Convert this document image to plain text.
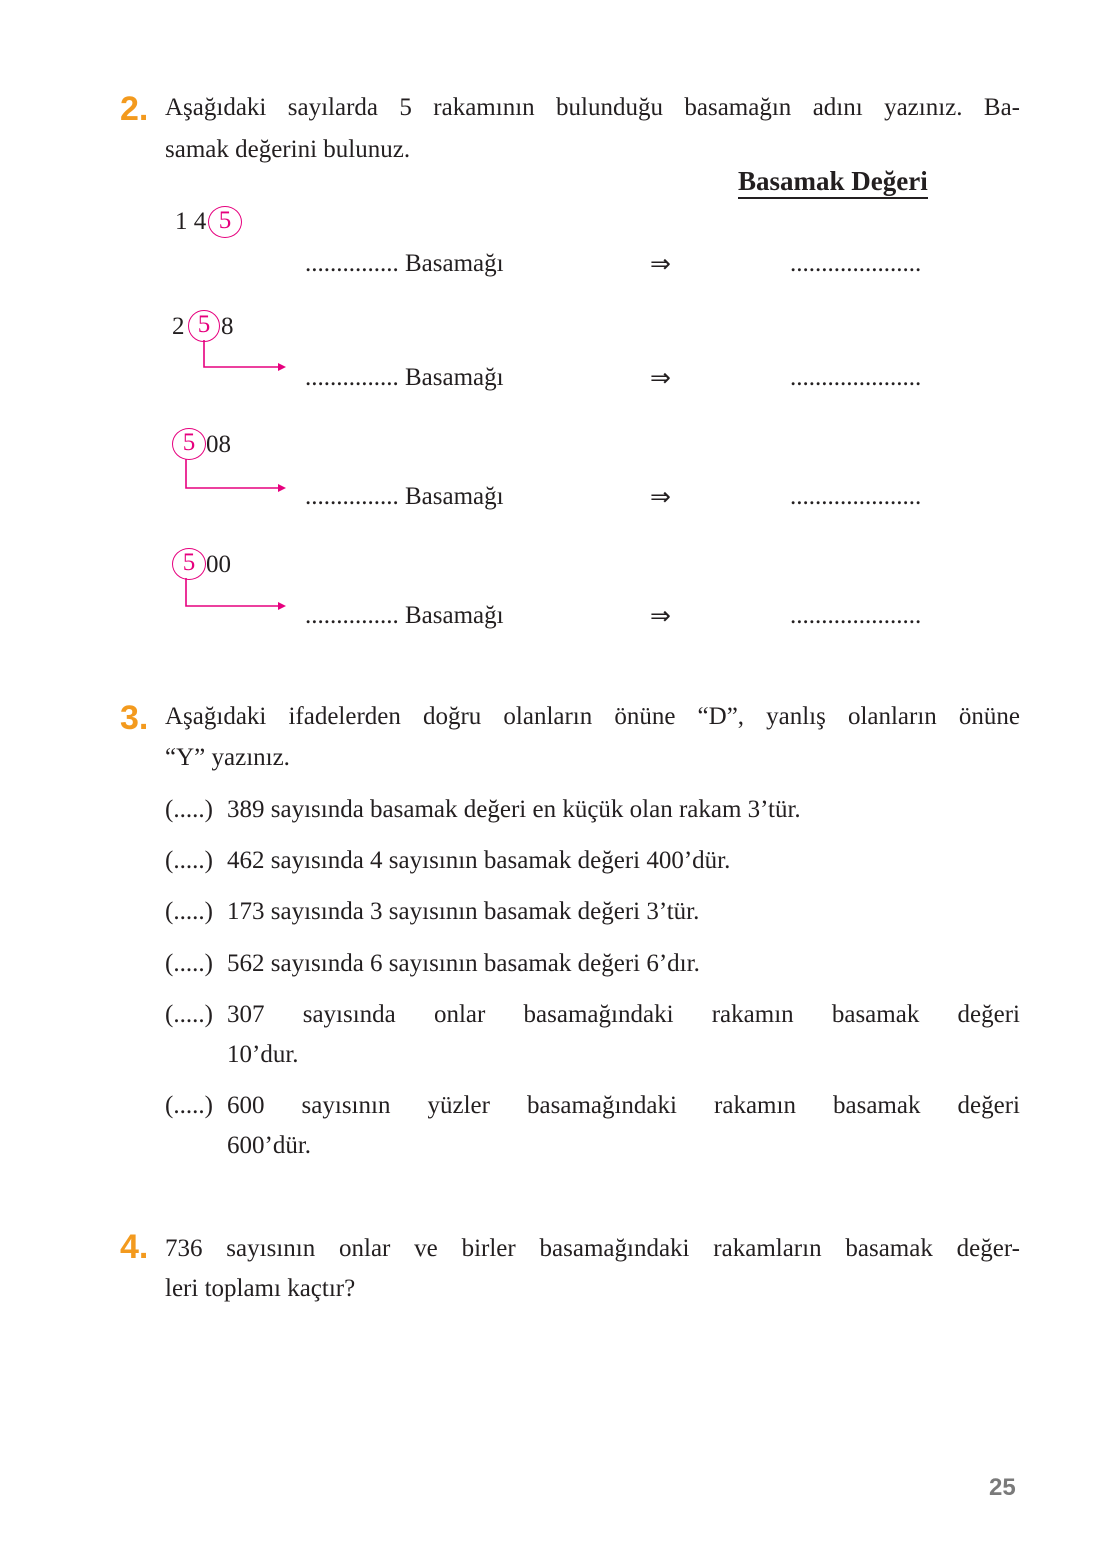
2. Aşağıdaki sayılarda 5 rakamının bulunduğu basamağın adını yazınız. Ba-
samak değerini bulunuz.
Basamak Değeri
1 4 5
............... Basamağı	⇒	.....................
2 5 8
............... Basamağı	⇒	.....................
5 08
............... Basamağı	⇒	.....................
5 00
............... Basamağı	⇒	.....................
3. Aşağıdaki ifadelerden doğru olanların önüne “D”, yanlış olanların önüne
“Y” yazınız.
(.....) 389 sayısında basamak değeri en küçük olan rakam 3’tür.
(.....) 462 sayısında 4 sayısının basamak değeri 400’dür.
(.....) 173 sayısında 3 sayısının basamak değeri 3’tür.
(.....) 562 sayısında 6 sayısının basamak değeri 6’dır.
(.....) 307 sayısında onlar basamağındaki rakamın basamak değeri
10’dur.
(.....) 600 sayısının yüzler basamağındaki rakamın basamak değeri
600’dür.
4. 736 sayısının onlar ve birler basamağındaki rakamların basamak değer-
leri toplamı kaçtır?
25
